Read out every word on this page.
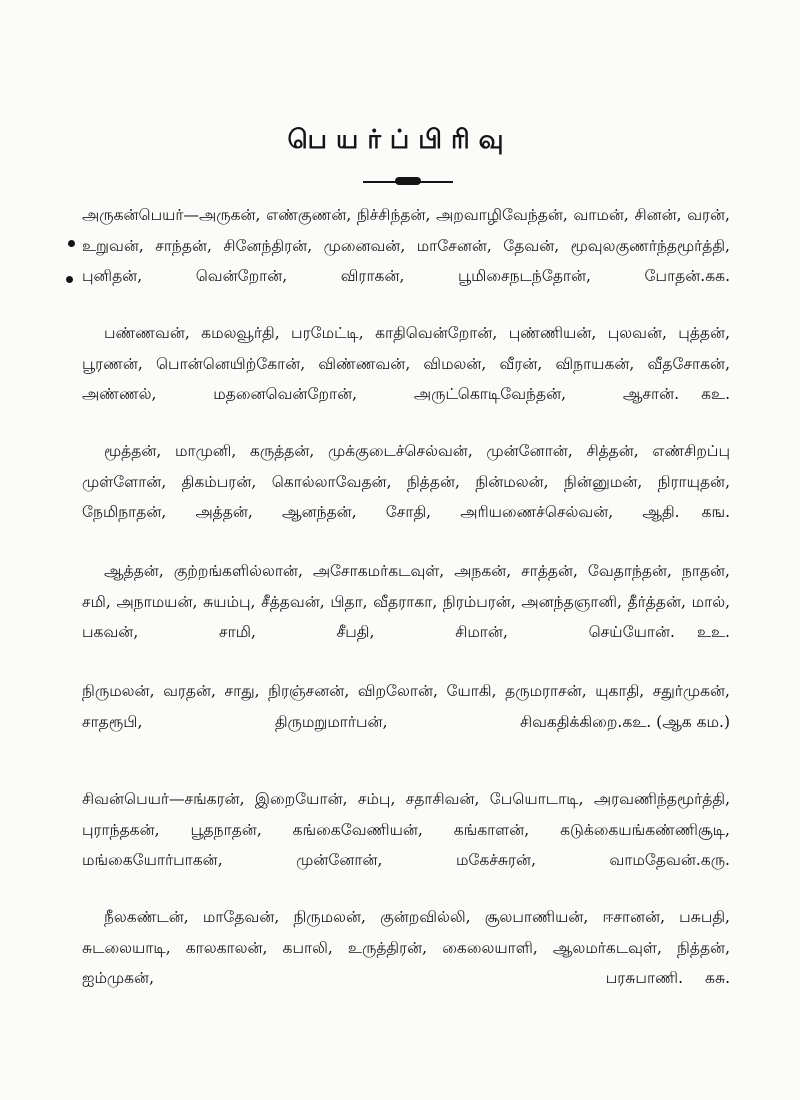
பெயர்ப்பிரிவு
அருகன்பெயர்—அருகன், எண்குணன், நிச்சிந்தன், அறவாழிவேந்தன், வாமன், சினன், வரன், உறுவன், சாந்தன், சினேந்திரன், முனைவன், மாசேனன், தேவன், மூவுலகுணர்ந்தமூர்த்தி, புனிதன், வென்றோன், விராகன், பூமிசைநடந்தோன், போதன். கக.
பண்ணவன், கமலவூர்தி, பரமேட்டி, காதிவென்றோன், புண்ணியன், புலவன், புத்தன், பூரணன், பொன்னெயிற்கோன், விண்ணவன், விமலன், வீரன், விநாயகன், வீதசோகன், அண்ணல், மதனைவென்றோன், அருட்கொடிவேந்தன், ஆசான்.	கஉ.
மூத்தன், மாமுனி, கருத்தன், முக்குடைச்செல்வன், முன்னோன், சித்தன், எண்சிறப்பு முள்ளோன், திகம்பரன், கொல்லாவேதன், நித்தன், நின்மலன், நின்னுமன், நிராயுதன், நேமிநாதன், அத்தன், ஆனந்தன், சோதி, அரியணைச்செல்வன், ஆதி.	கங.
ஆத்தன், குற்றங்களில்லான், அசோகமர்கடவுள், அநகன், சாத்தன், வேதாந்தன், நாதன், சமி, அநாமயன், சுயம்பு, சீத்தவன், பிதா, வீதராகா, நிரம்பரன், அனந்தஞானி, தீர்த்தன், மால், பகவன், சாமி, சீபதி, சிமான், செய்யோன்.	உஉ.
நிருமலன், வரதன், சாது, நிரஞ்சனன், விறலோன், யோகி, தருமராசன், யுகாதி, சதுர்முகன், சாதரூபி, திருமறுமார்பன், சிவகதிக்கிறை. கஉ. (ஆக கம.)
சிவன்பெயர்—சங்கரன், இறையோன், சம்பு, சதாசிவன், பேயொடாடி, அரவணிந்தமூர்த்தி, புராந்தகன், பூதநாதன், கங்கைவேணியன், கங்காளன், கடுக்கையங்கண்ணிசூடி, மங்கையோர்பாகன், முன்னோன், மகேச்சுரன், வாமதேவன். கரு.
நீலகண்டன், மாதேவன், நிருமலன், குன்றவில்லி, சூலபாணியன், ஈசானன், பசுபதி, சுடலையாடி, காலகாலன், கபாலி, உருத்திரன், கைலையாளி, ஆலமர்கடவுள், நித்தன், ஐம்முகன், பரசுபாணி.	கசு.
